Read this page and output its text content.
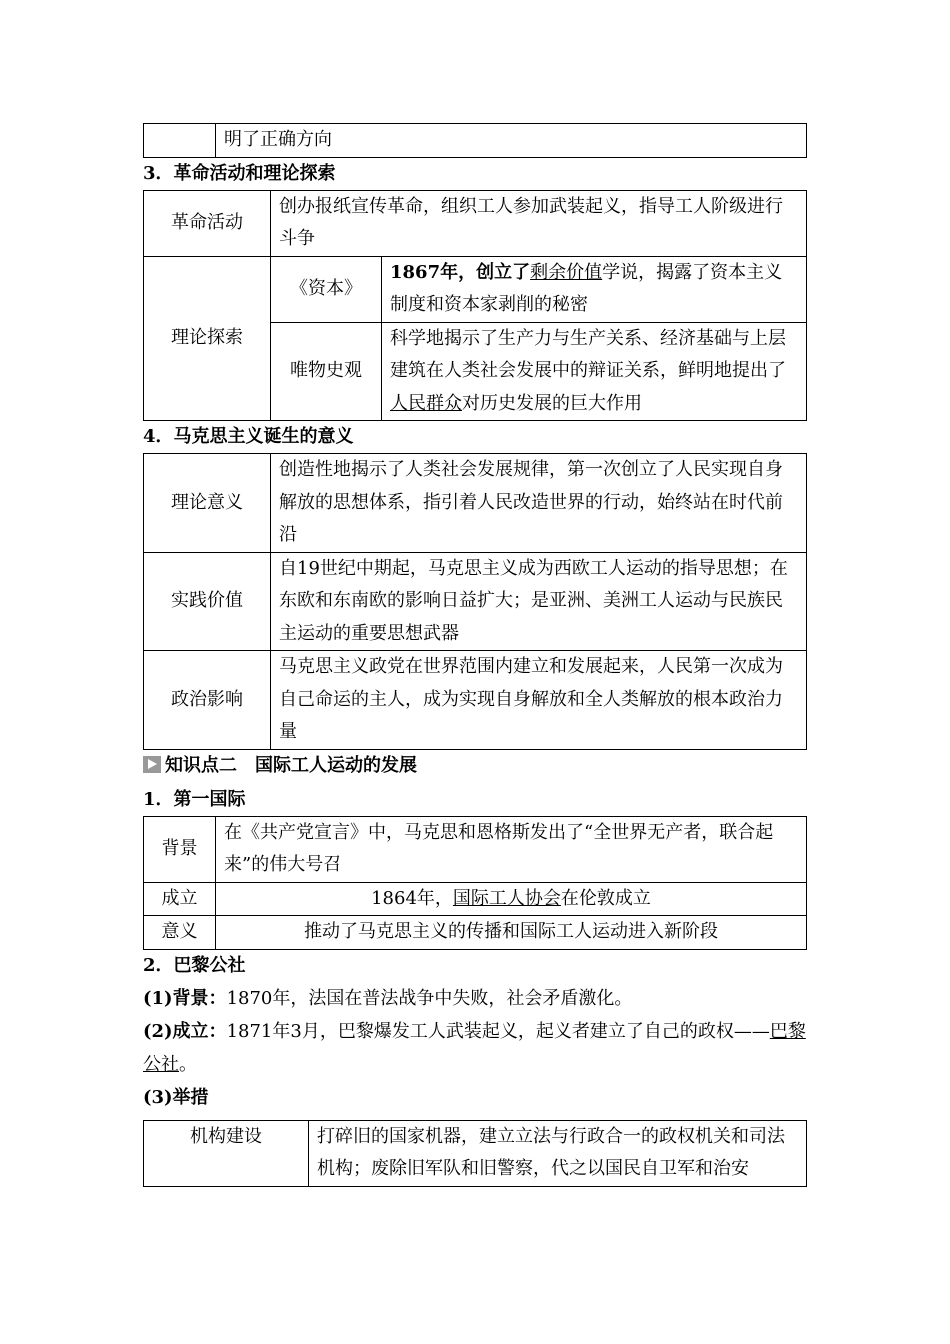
	明了正确方向
3．革命活动和理论探索
革命活动	创办报纸宣传革命，组织工人参加武装起义，指导工人阶级进行斗争	
理论探索	《资本》	1867年，创立了剩余价值学说，揭露了资本主义制度和资本家剥削的秘密
	唯物史观	科学地揭示了生产力与生产关系、经济基础与上层建筑在人类社会发展中的辩证关系，鲜明地提出了人民群众对历史发展的巨大作用
4．马克思主义诞生的意义
理论意义	创造性地揭示了人类社会发展规律，第一次创立了人民实现自身解放的思想体系，指引着人民改造世界的行动，始终站在时代前沿
实践价值	自19世纪中期起，马克思主义成为西欧工人运动的指导思想；在东欧和东南欧的影响日益扩大；是亚洲、美洲工人运动与民族民主运动的重要思想武器
政治影响	马克思主义政党在世界范围内建立和发展起来，人民第一次成为自己命运的主人，成为实现自身解放和全人类解放的根本政治力量
知识点二　国际工人运动的发展
1．第一国际
背景	在《共产党宣言》中，马克思和恩格斯发出了“全世界无产者，联合起来”的伟大号召
成立	1864年，国际工人协会在伦敦成立
意义	推动了马克思主义的传播和国际工人运动进入新阶段
2．巴黎公社
(1)背景：1870年，法国在普法战争中失败，社会矛盾激化。
(2)成立：1871年3月，巴黎爆发工人武装起义，起义者建立了自己的政权——巴黎公社。
(3)举措
机构建设	打碎旧的国家机器，建立立法与行政合一的政权机关和司法机构；废除旧军队和旧警察，代之以国民自卫军和治安
